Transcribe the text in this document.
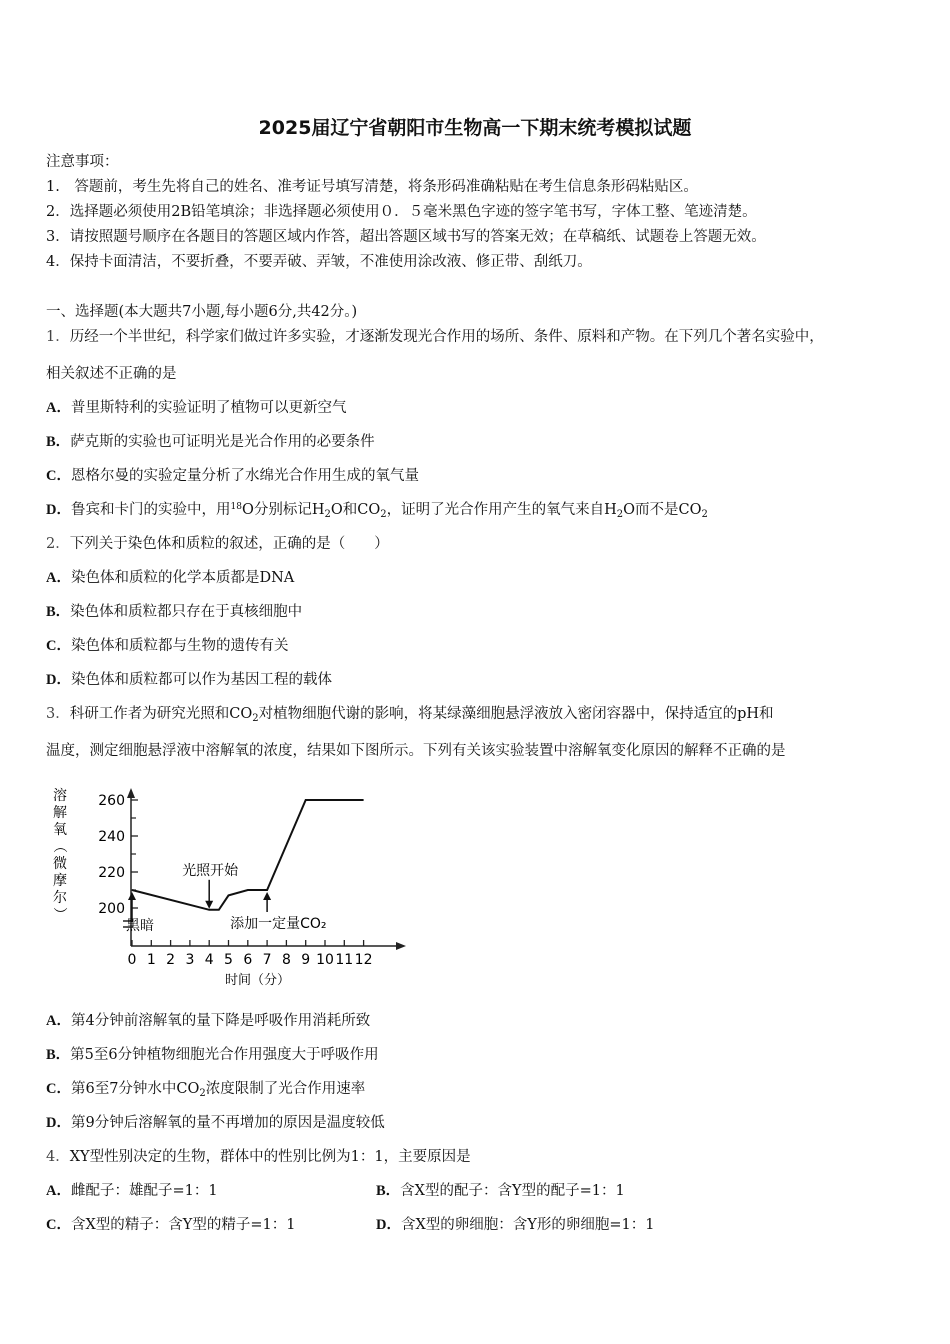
2025届辽宁省朝阳市生物高一下期末统考模拟试题
注意事项：
1.　答题前，考生先将自己的姓名、准考证号填写清楚，将条形码准确粘贴在考生信息条形码粘贴区。
2．选择题必须使用2B铅笔填涂；非选择题必须使用０．５毫米黑色字迹的签字笔书写，字体工整、笔迹清楚。
3．请按照题号顺序在各题目的答题区域内作答，超出答题区域书写的答案无效；在草稿纸、试题卷上答题无效。
4．保持卡面清洁，不要折叠，不要弄破、弄皱，不准使用涂改液、修正带、刮纸刀。
一、选择题(本大题共7小题,每小题6分,共42分。)
1．历经一个半世纪，科学家们做过许多实验，才逐渐发现光合作用的场所、条件、原料和产物。在下列几个著名实验中，
相关叙述不正确的是
A．普里斯特利的实验证明了植物可以更新空气
B．萨克斯的实验也可证明光是光合作用的必要条件
C．恩格尔曼的实验定量分析了水绵光合作用生成的氧气量
D．鲁宾和卡门的实验中，用$^{18}$O分别标记$H_2O$和$CO_2$，证明了光合作用产生的氧气来自$H_2O$而不是$CO_2$
2．下列关于染色体和质粒的叙述，正确的是（　　）
A．染色体和质粒的化学本质都是DNA
B．染色体和质粒都只存在于真核细胞中
C．染色体和质粒都与生物的遗传有关
D．染色体和质粒都可以作为基因工程的载体
3．科研工作者为研究光照和$CO_2$对植物细胞代谢的影响，将某绿藻细胞悬浮液放入密闭容器中，保持适宜的pH和
温度，测定细胞悬浮液中溶解氧的浓度，结果如下图所示。下列有关该实验装置中溶解氧变化原因的解释不正确的是
溶
解
氧
（
微
摩
尔
）
0 1 2 3 4 5 6 7 8 9 10 11 12
200
220
240
260
黑暗
光照开始
添加一定量CO₂
时间（分）
A．第4分钟前溶解氧的量下降是呼吸作用消耗所致
B．第5至6分钟植物细胞光合作用强度大于呼吸作用
C．第6至7分钟水中$CO_2$浓度限制了光合作用速率
D．第9分钟后溶解氧的量不再增加的原因是温度较低
4．XY型性别决定的生物，群体中的性别比例为1：1，主要原因是
A．雌配子：雄配子=1：1	B．含X型的配子：含Y型的配子=1：1
C．含X型的精子：含Y型的精子=1：1	D．含X型的卵细胞：含Y形的卵细胞=1：1
